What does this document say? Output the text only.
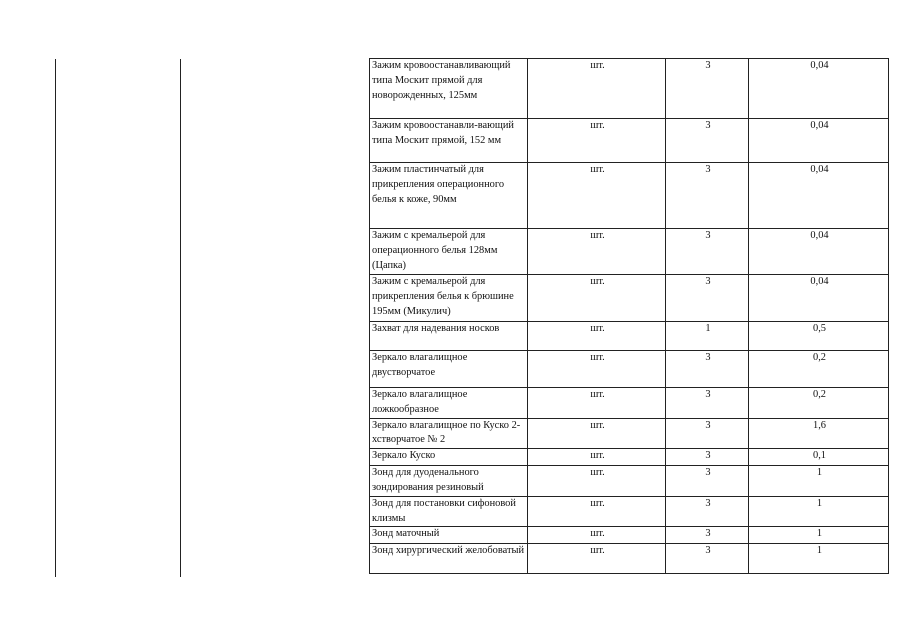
Зажим кровоостанавливающий типа Москит прямой для новорожденных, 125мм	шт.	3	0,04
Зажим кровоостанавли-вающий типа Москит прямой, 152 мм	шт.	3	0,04
Зажим пластинчатый для прикрепления операционного белья к коже, 90мм	шт.	3	0,04
Зажим с кремальерой для операционного белья 128мм (Цапка)	шт.	3	0,04
Зажим с кремальерой для прикрепления белья к брюшине 195мм (Микулич)	шт.	3	0,04
Захват для надевания носков	шт.	1	0,5
Зеркало влагалищное двустворчатое	шт.	3	0,2
Зеркало влагалищное ложкообразное	шт.	3	0,2
Зеркало влагалищное по Куско 2-хстворчатое № 2	шт.	3	1,6
Зеркало Куско	шт.	3	0,1
Зонд для дуоденального зондирования резиновый	шт.	3	1
Зонд для постановки сифоновой клизмы	шт.	3	1
Зонд маточный	шт.	3	1
Зонд хирургический желобоватый	шт.	3	1
